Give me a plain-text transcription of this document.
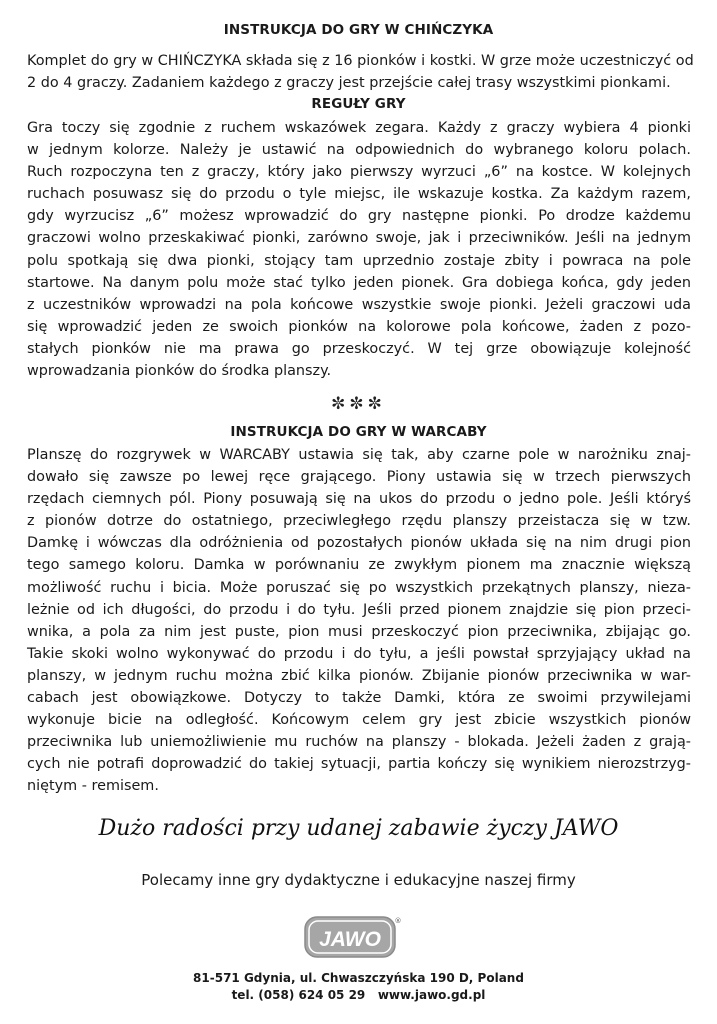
INSTRUKCJA DO GRY W CHIŃCZYKA
Komplet do gry w CHIŃCZYKA składa się z 16 pionków i kostki. W grze może uczestniczyć od
2 do 4 graczy. Zadaniem każdego z graczy jest przejście całej trasy wszystkimi pionkami.
REGUŁY GRY
Gra toczy się zgodnie z ruchem wskazówek zegara. Każdy z graczy wybiera 4 pionki
w jednym kolorze. Należy je ustawić na odpowiednich do wybranego koloru polach.
Ruch rozpoczyna ten z graczy, który jako pierwszy wyrzuci „6” na kostce. W kolejnych
ruchach posuwasz się do przodu o tyle miejsc, ile wskazuje kostka. Za każdym razem,
gdy wyrzucisz „6” możesz wprowadzić do gry następne pionki. Po drodze każdemu
graczowi wolno przeskakiwać pionki, zarówno swoje, jak i przeciwników. Jeśli na jednym
polu spotkają się dwa pionki, stojący tam uprzednio zostaje zbity i powraca na pole
startowe. Na danym polu może stać tylko jeden pionek. Gra dobiega końca, gdy jeden
z uczestników wprowadzi na pola końcowe wszystkie swoje pionki. Jeżeli graczowi uda
się wprowadzić jeden ze swoich pionków na kolorowe pola końcowe, żaden z pozo-
stałych pionków nie ma prawa go przeskoczyć. W tej grze obowiązuje kolejność
wprowadzania pionków do środka planszy.
✼✼✼
INSTRUKCJA DO GRY W WARCABY
Planszę do rozgrywek w WARCABY ustawia się tak, aby czarne pole w narożniku znaj-
dowało się zawsze po lewej ręce grającego. Piony ustawia się w trzech pierwszych
rzędach ciemnych pól. Piony posuwają się na ukos do przodu o jedno pole. Jeśli któryś
z pionów dotrze do ostatniego, przeciwległego rzędu planszy przeistacza się w tzw.
Damkę i wówczas dla odróżnienia od pozostałych pionów układa się na nim drugi pion
tego samego koloru. Damka w porównaniu ze zwykłym pionem ma znacznie większą
możliwość ruchu i bicia. Może poruszać się po wszystkich przekątnych planszy, nieza-
leżnie od ich długości, do przodu i do tyłu. Jeśli przed pionem znajdzie się pion przeci-
wnika, a pola za nim jest puste, pion musi przeskoczyć pion przeciwnika, zbijając go.
Takie skoki wolno wykonywać do przodu i do tyłu, a jeśli powstał sprzyjający układ na
planszy, w jednym ruchu można zbić kilka pionów. Zbijanie pionów przeciwnika w war-
cabach jest obowiązkowe. Dotyczy to także Damki, która ze swoimi przywilejami
wykonuje bicie na odległość. Końcowym celem gry jest zbicie wszystkich pionów
przeciwnika lub uniemożliwienie mu ruchów na planszy - blokada. Jeżeli żaden z grają-
cych nie potrafi doprowadzić do takiej sytuacji, partia kończy się wynikiem nierozstrzyg-
niętym - remisem.
Dużo radości przy udanej zabawie życzy JAWO
Polecamy inne gry dydaktyczne i edukacyjne naszej firmy
JAWO
®
81-571 Gdynia, ul. Chwaszczyńska 190 D, Poland
tel. (058) 624 05 29   www.jawo.gd.pl
